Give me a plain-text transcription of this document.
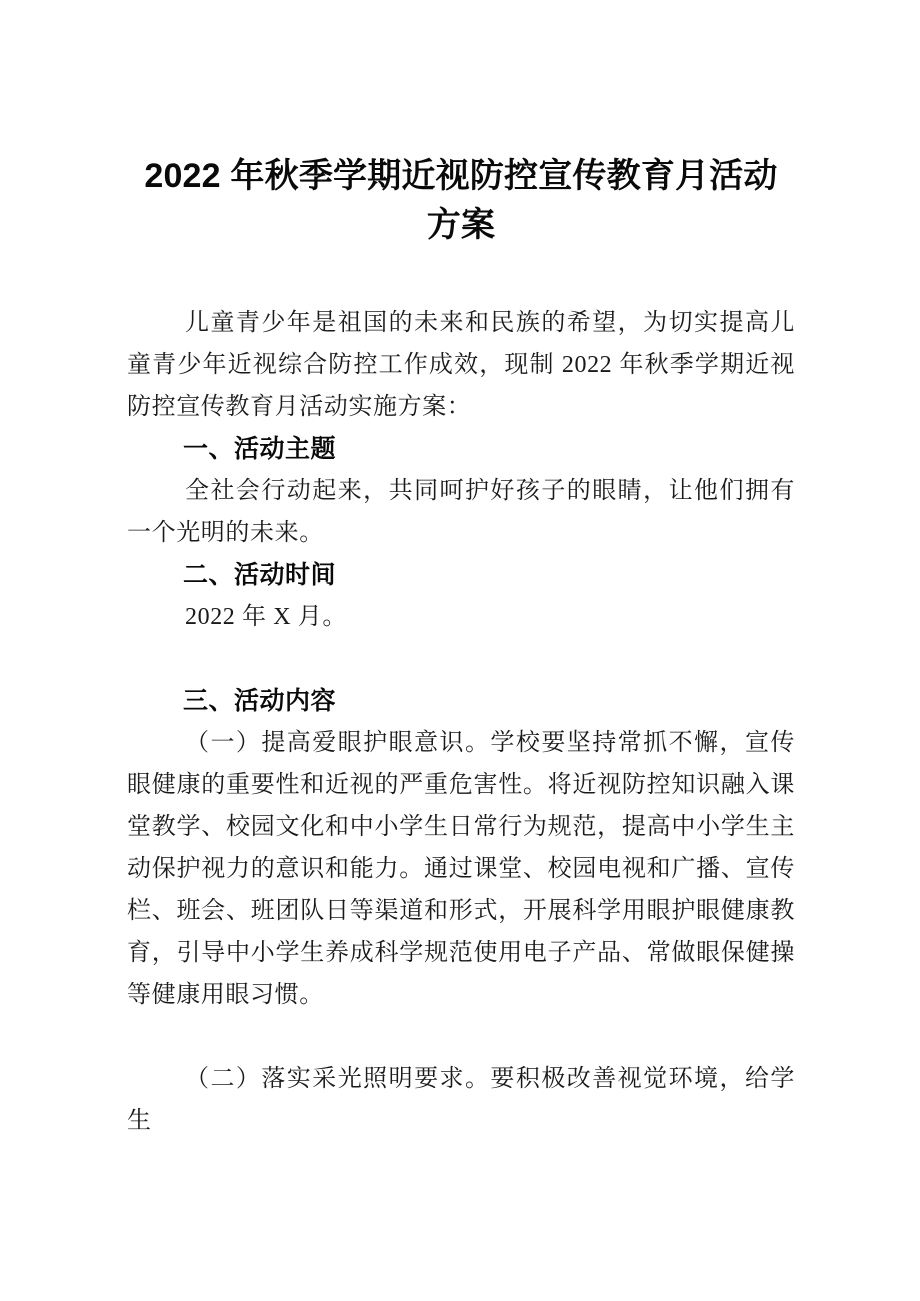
2022 年秋季学期近视防控宣传教育月活动
方案

儿童青少年是祖国的未来和民族的希望，为切实提高儿童青少年近视综合防控工作成效，现制 2022 年秋季学期近视防控宣传教育月活动实施方案：

一、活动主题

全社会行动起来，共同呵护好孩子的眼睛，让他们拥有一个光明的未来。

二、活动时间

2022 年 X 月。

三、活动内容

（一）提高爱眼护眼意识。学校要坚持常抓不懈，宣传眼健康的重要性和近视的严重危害性。将近视防控知识融入课堂教学、校园文化和中小学生日常行为规范，提高中小学生主动保护视力的意识和能力。通过课堂、校园电视和广播、宣传栏、班会、班团队日等渠道和形式，开展科学用眼护眼健康教育，引导中小学生养成科学规范使用电子产品、常做眼保健操等健康用眼习惯。

（二）落实采光照明要求。要积极改善视觉环境，给学生
